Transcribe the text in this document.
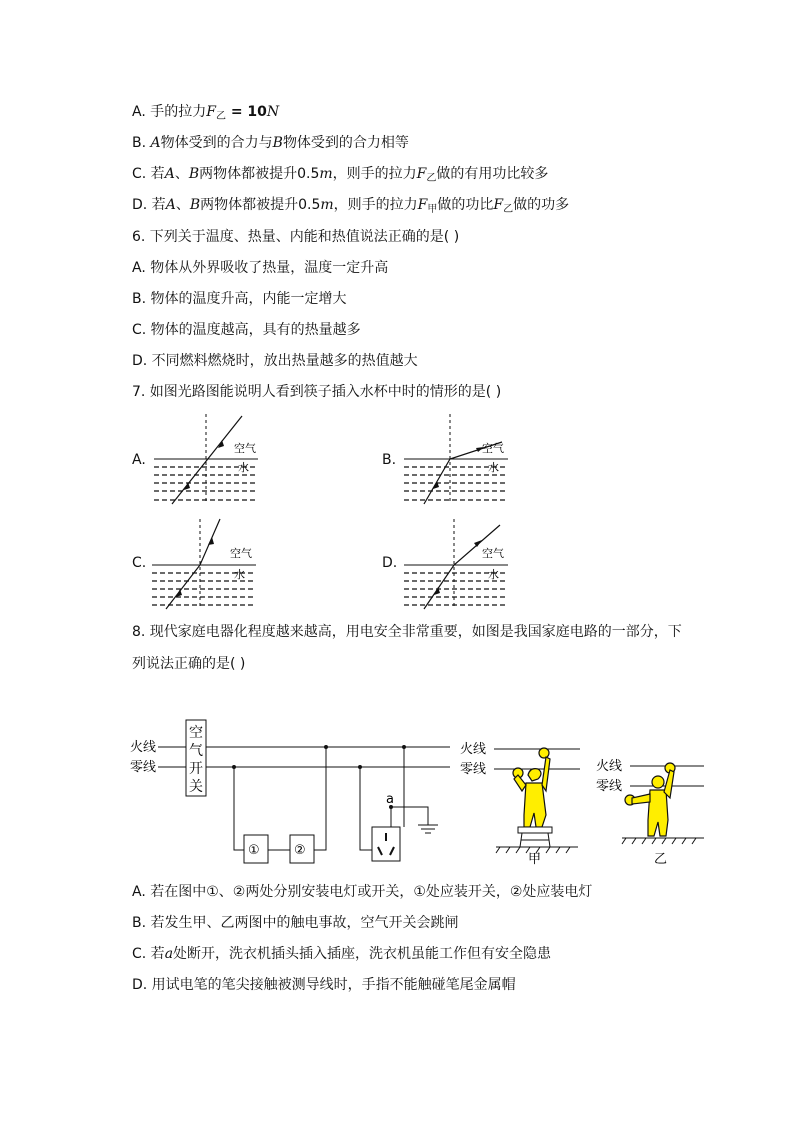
A. 手的拉力$F_乙 = 10N$
B. A物体受到的合力与B物体受到的合力相等
C. 若A、B两物体都被提升0.5m，则手的拉力$F_乙$做的有用功比较多
D. 若A、B两物体都被提升0.5m，则手的拉力$F_甲$做的功比$F_乙$做的功多
6. 下列关于温度、热量、内能和热值说法正确的是( )
A. 物体从外界吸收了热量，温度一定升高
B. 物体的温度升高，内能一定增大
C. 物体的温度越高，具有的热量越多
D. 不同燃料燃烧时，放出热量越多的热值越大
7. 如图光路图能说明人看到筷子插入水杯中时的情形的是( )
A.	B.
C.	D.
空气
水
空气
水
空气
水
空气
水
8. 现代家庭电器化程度越来越高，用电安全非常重要，如图是我国家庭电路的一部分，下
列说法正确的是( )
火线
零线
空
气
开
关
①	②
a
火线
零线
甲
火线
零线
乙
A. 若在图中①、②两处分别安装电灯或开关，①处应装开关，②处应装电灯
B. 若发生甲、乙两图中的触电事故，空气开关会跳闸
C. 若a处断开，洗衣机插头插入插座，洗衣机虽能工作但有安全隐患
D. 用试电笔的笔尖接触被测导线时，手指不能触碰笔尾金属帽
